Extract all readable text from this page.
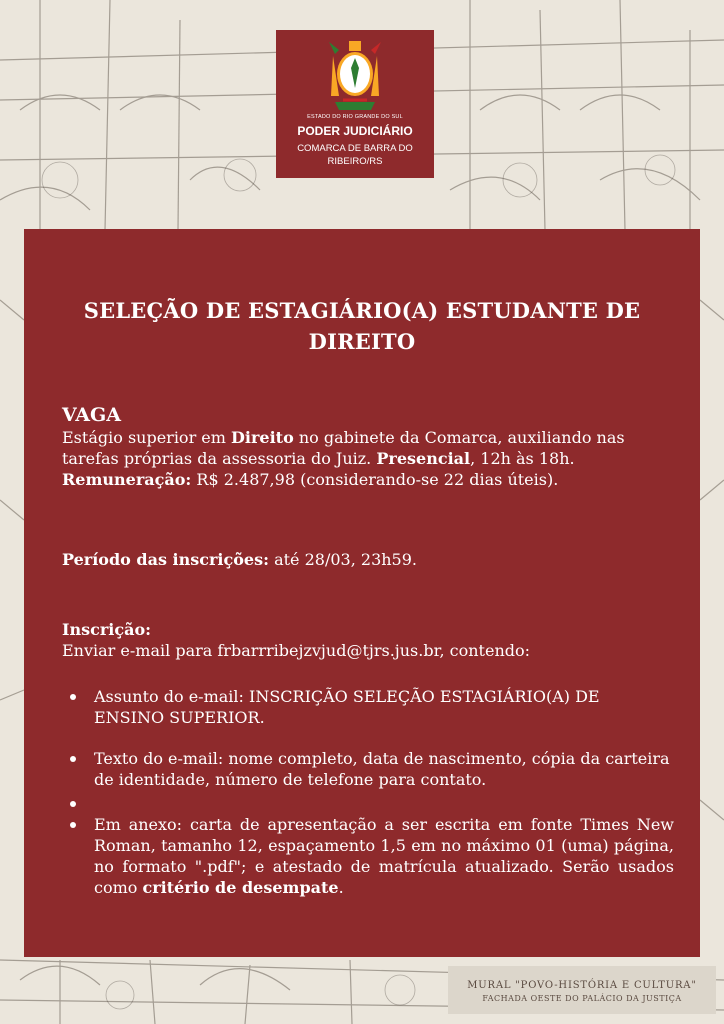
ESTADO DO RIO GRANDE DO SUL
PODER JUDICIÁRIO
COMARCA DE BARRA DO RIBEIRO/RS
SELEÇÃO DE ESTAGIÁRIO(A) ESTUDANTE DE DIREITO
VAGA
Estágio superior em Direito no gabinete da Comarca, auxiliando nas tarefas próprias da assessoria do Juiz. Presencial, 12h às 18h. Remuneração: R$ 2.487,98 (considerando-se 22 dias úteis).
Período das inscrições: até 28/03, 23h59.
Inscrição:
Enviar e-mail para frbarrribejzvjud@tjrs.jus.br, contendo:
Assunto do e-mail: INSCRIÇÃO SELEÇÃO ESTAGIÁRIO(A) DE ENSINO SUPERIOR.
Texto do e-mail: nome completo, data de nascimento, cópia da carteira de identidade, número de telefone para contato.
Em anexo: carta de apresentação a ser escrita em fonte Times New Roman, tamanho 12, espaçamento 1,5 em no máximo 01 (uma) página, no formato ".pdf"; e atestado de matrícula atualizado. Serão usados como critério de desempate.
MURAL "POVO-HISTÓRIA E CULTURA"
FACHADA OESTE DO PALÁCIO DA JUSTIÇA
